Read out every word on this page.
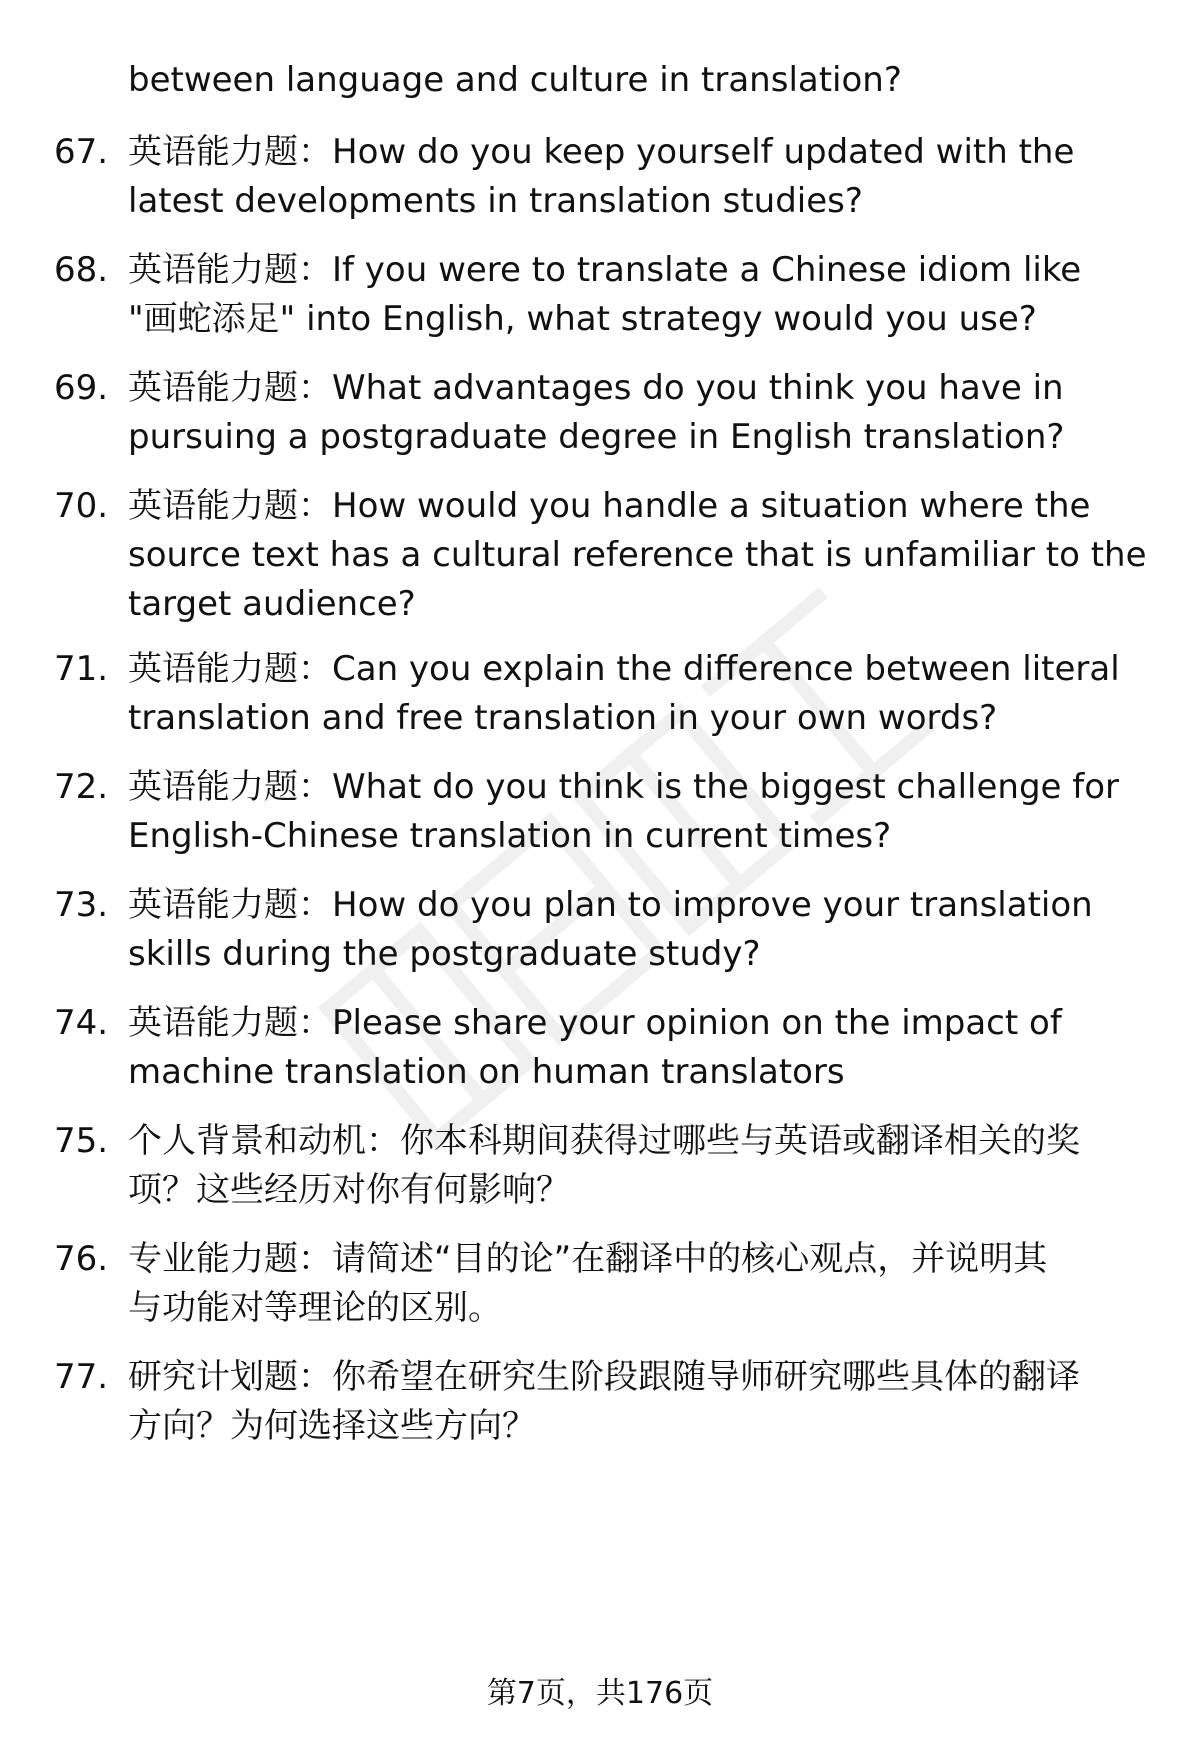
between language and culture in translation?
67. 英语能力题：How do you keep yourself updated with the
latest developments in translation studies?
68. 英语能力题：If you were to translate a Chinese idiom like
"画蛇添足" into English, what strategy would you use?
69. 英语能力题：What advantages do you think you have in
pursuing a postgraduate degree in English translation?
70. 英语能力题：How would you handle a situation where the
source text has a cultural reference that is unfamiliar to the
target audience?
71. 英语能力题：Can you explain the difference between literal
translation and free translation in your own words?
72. 英语能力题：What do you think is the biggest challenge for
English-Chinese translation in current times?
73. 英语能力题：How do you plan to improve your translation
skills during the postgraduate study?
74. 英语能力题：Please share your opinion on the impact of
machine translation on human translators
75. 个人背景和动机：你本科期间获得过哪些与英语或翻译相关的奖
项？这些经历对你有何影响？
76. 专业能力题：请简述“目的论”在翻译中的核心观点，并说明其
与功能对等理论的区别。
77. 研究计划题：你希望在研究生阶段跟随导师研究哪些具体的翻译
方向？为何选择这些方向？
第7页，共176页
